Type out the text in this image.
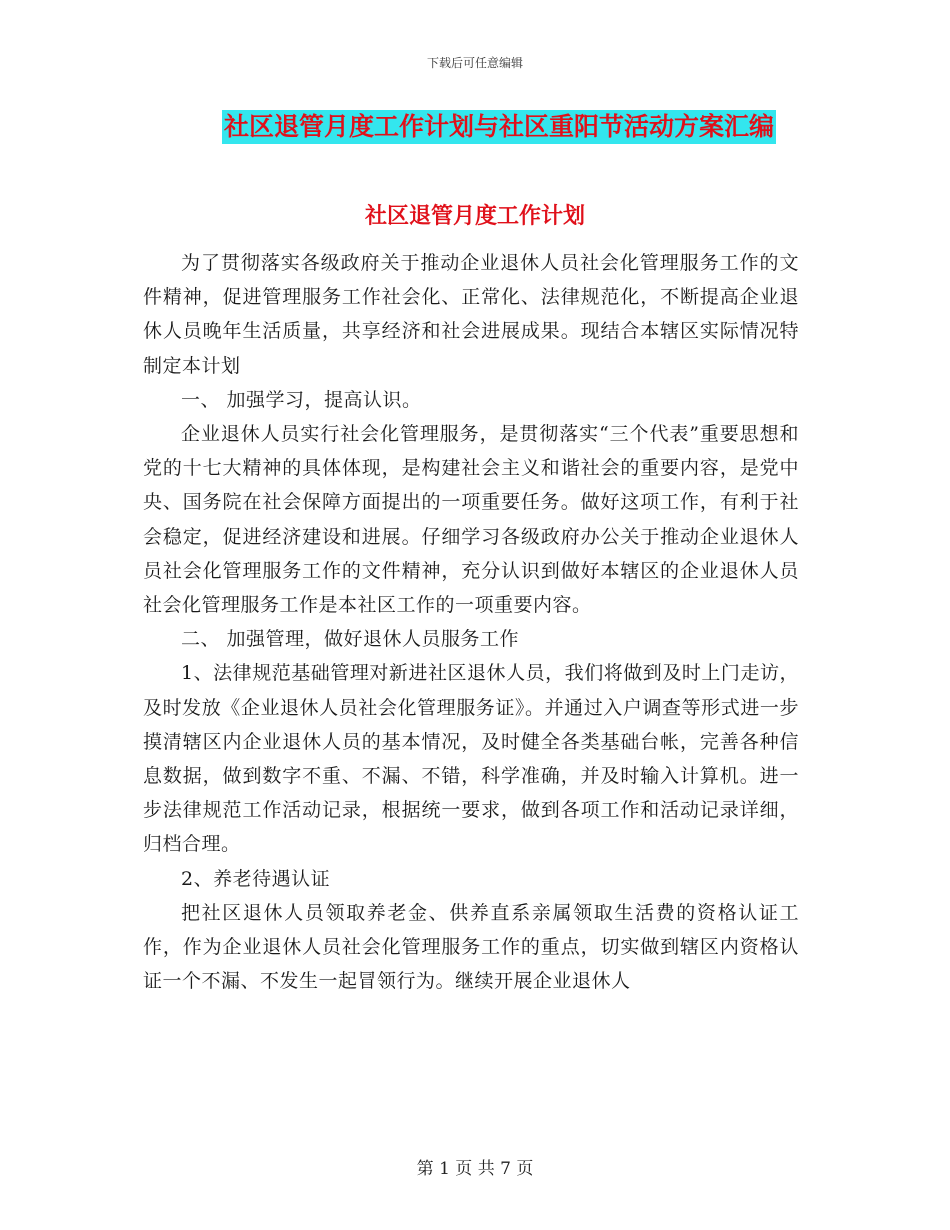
下载后可任意编辑
社区退管月度工作计划与社区重阳节活动方案汇编
社区退管月度工作计划

为了贯彻落实各级政府关于推动企业退休人员社会化管理服务工作的文件精神，促进管理服务工作社会化、正常化、法律规范化，不断提高企业退休人员晚年生活质量，共享经济和社会进展成果。现结合本辖区实际情况特制定本计划

一、 加强学习，提高认识。

企业退休人员实行社会化管理服务，是贯彻落实“三个代表”重要思想和党的十七大精神的具体体现，是构建社会主义和谐社会的重要内容，是党中央、国务院在社会保障方面提出的一项重要任务。做好这项工作，有利于社会稳定，促进经济建设和进展。仔细学习各级政府办公关于推动企业退休人员社会化管理服务工作的文件精神，充分认识到做好本辖区的企业退休人员社会化管理服务工作是本社区工作的一项重要内容。

二、 加强管理，做好退休人员服务工作

1、法律规范基础管理对新进社区退休人员，我们将做到及时上门走访，及时发放《企业退休人员社会化管理服务证》。并通过入户调查等形式进一步摸清辖区内企业退休人员的基本情况，及时健全各类基础台帐，完善各种信息数据，做到数字不重、不漏、不错，科学准确，并及时输入计算机。进一步法律规范工作活动记录，根据统一要求，做到各项工作和活动记录详细，归档合理。

2、养老待遇认证

把社区退休人员领取养老金、供养直系亲属领取生活费的资格认证工作，作为企业退休人员社会化管理服务工作的重点，切实做到辖区内资格认证一个不漏、不发生一起冒领行为。继续开展企业退休人

第 1 页 共 7 页
